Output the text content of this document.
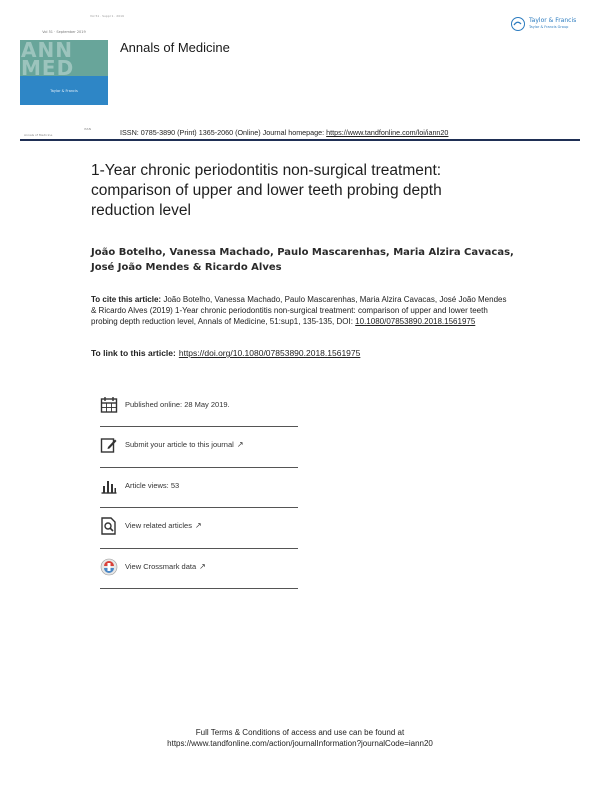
Vol 51 · Suppl 1 · 2019
Vol 51 · September 2019
ANN
MED
Taylor & Francis
Annals of Medicine
Taylor & Francis
Taylor & Francis Group
Annals of Medicine
ISSN	ISSN: 0785-3890 (Print) 1365-2060 (Online) Journal homepage: https://www.tandfonline.com/loi/iann20
1-Year chronic periodontitis non-surgical treatment: comparison of upper and lower teeth probing depth reduction level
João Botelho, Vanessa Machado, Paulo Mascarenhas, Maria Alzira Cavacas, José João Mendes & Ricardo Alves
To cite this article: João Botelho, Vanessa Machado, Paulo Mascarenhas, Maria Alzira Cavacas, José João Mendes & Ricardo Alves (2019) 1-Year chronic periodontitis non-surgical treatment: comparison of upper and lower teeth probing depth reduction level, Annals of Medicine, 51:sup1, 135-135, DOI: 10.1080/07853890.2018.1561975
To link to this article: https://doi.org/10.1080/07853890.2018.1561975
Published online: 28 May 2019.
Submit your article to this journal ↗
Article views: 53
View related articles ↗
View Crossmark data ↗
Full Terms & Conditions of access and use can be found at
https://www.tandfonline.com/action/journalInformation?journalCode=iann20
